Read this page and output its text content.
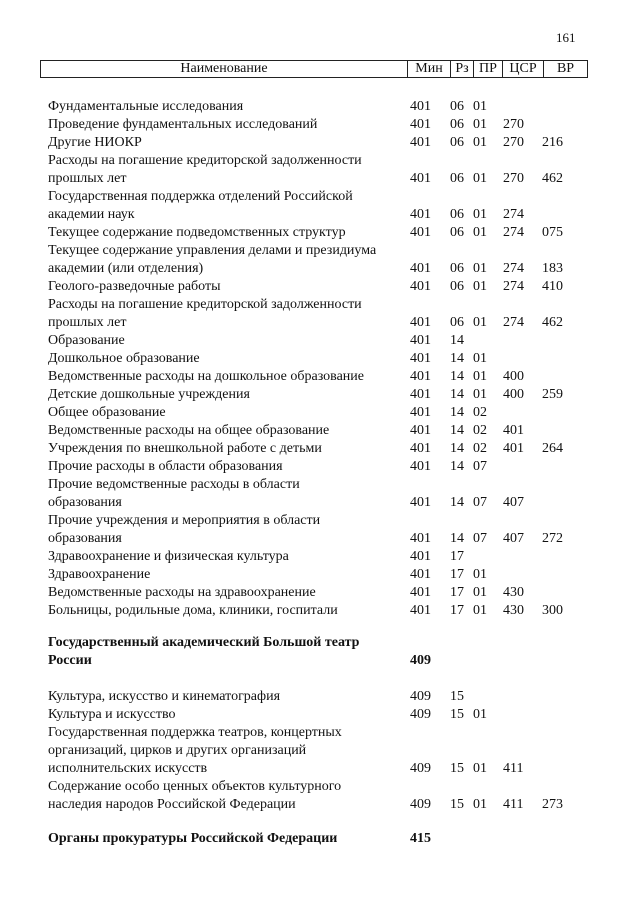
161
Наименование	Мин Рз ПР ЦСР	ВР
Фундаментальные исследования	401 06 01
Проведение фундаментальных исследований	401 06 01 270
Другие НИОКР	401 06 01 270 216
Расходы на погашение кредиторской задолженности
прошлых лет	401 06 01 270 462
Государственная поддержка отделений Российской
академии наук	401 06 01 274
Текущее содержание подведомственных структур	401 06 01 274 075
Текущее содержание управления делами и президиума
академии (или отделения)	401 06 01 274 183
Геолого-разведочные работы	401 06 01 274 410
Расходы на погашение кредиторской задолженности
прошлых лет	401 06 01 274 462
Образование	401 14
Дошкольное образование	401 14 01
Ведомственные расходы на дошкольное образование	401 14 01 400
Детские дошкольные учреждения	401 14 01 400 259
Общее образование	401 14 02
Ведомственные расходы на общее образование	401 14 02 401
Учреждения по внешкольной работе с детьми	401 14 02 401 264
Прочие расходы в области образования	401 14 07
Прочие ведомственные расходы в области
образования	401 14 07 407
Прочие учреждения и мероприятия в области
образования	401 14 07 407 272
Здравоохранение и физическая культура	401 17
Здравоохранение	401 17 01
Ведомственные расходы на здравоохранение	401 17 01 430
Больницы, родильные дома, клиники, госпитали	401 17 01 430 300
Государственный академический Большой театр
России	409
Культура, искусство и кинематография	409 15
Культура и искусство	409 15 01
Государственная поддержка театров, концертных
организаций, цирков и других организаций
исполнительских искусств	409 15 01 411
Содержание особо ценных объектов культурного
наследия народов Российской Федерации	409 15 01 411 273
Органы прокуратуры Российской Федерации	415
